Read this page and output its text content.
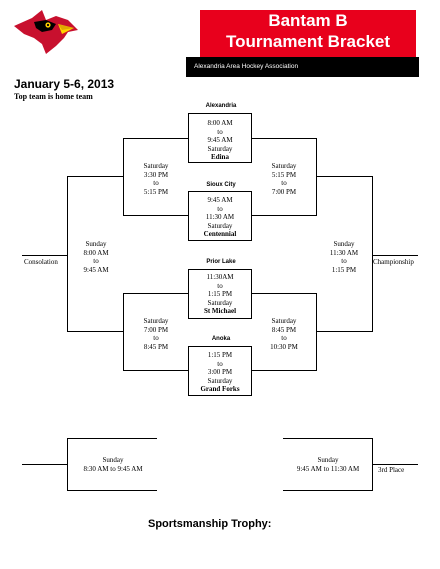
Bantam B
Tournament Bracket
Alexandria Area Hockey Association
January 5-6, 2013
Top team is home team
Alexandria
Sioux City
Prior Lake
Anoka
8:00 AM
to
9:45 AM
Saturday
Edina
9:45 AM
to
11:30 AM
Saturday
Centennial
11:30AM
to
1:15 PM
Saturday
St Michael
1:15 PM
to
3:00 PM
Saturday
Grand Forks
Saturday
3:30 PM
to
5:15 PM
Saturday
5:15 PM
to
7:00 PM
Saturday
7:00 PM
to
8:45 PM
Saturday
8:45 PM
to
10:30 PM
Sunday
8:00 AM
to
9:45 AM
Sunday
11:30 AM
to
1:15 PM
Consolation	Championship
Sunday
8:30 AM to 9:45 AM
Sunday
9:45 AM to 11:30 AM	3rd Place
Sportsmanship Trophy:
